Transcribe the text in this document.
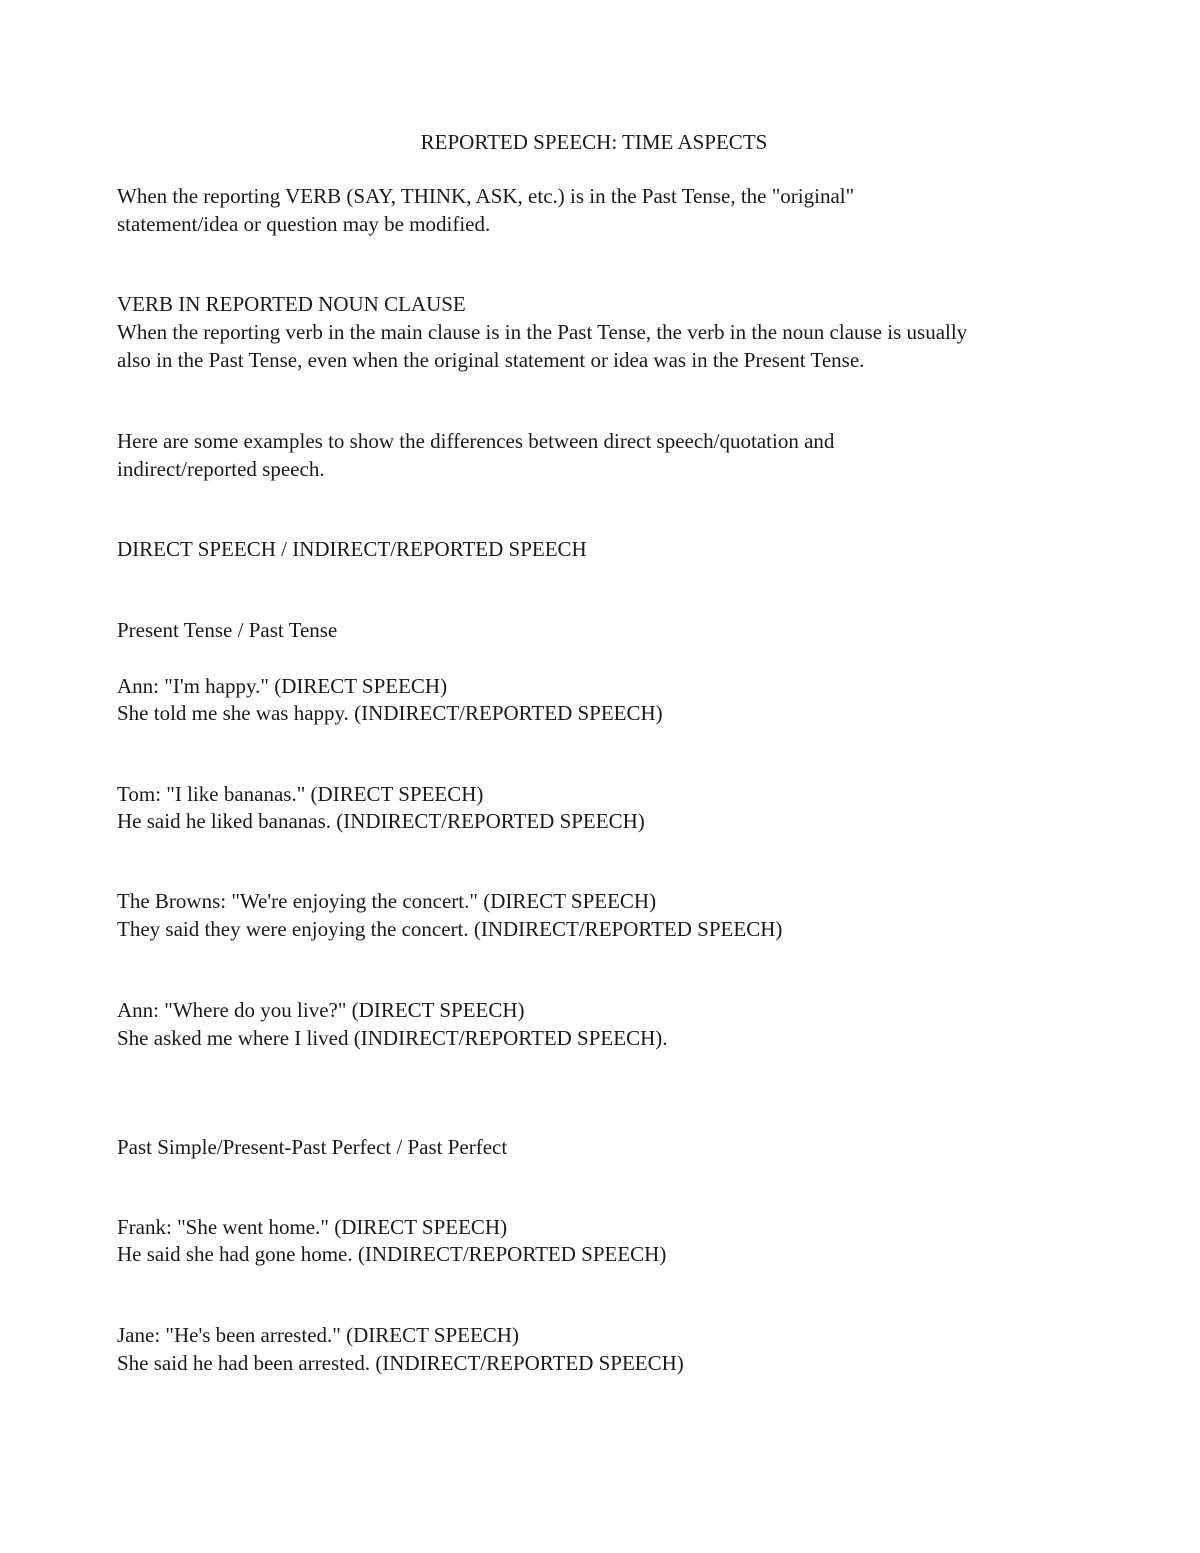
REPORTED SPEECH: TIME ASPECTS
When the reporting VERB (SAY, THINK, ASK, etc.) is in the Past Tense, the "original"
statement/idea or question may be modified.
VERB IN REPORTED NOUN CLAUSE
When the reporting verb in the main clause is in the Past Tense, the verb in the noun clause is usually
also in the Past Tense, even when the original statement or idea was in the Present Tense.
Here are some examples to show the differences between direct speech/quotation and
indirect/reported speech.
DIRECT SPEECH / INDIRECT/REPORTED SPEECH
Present Tense / Past Tense
Ann: "I'm happy." (DIRECT SPEECH)
She told me she was happy. (INDIRECT/REPORTED SPEECH)
Tom: "I like bananas." (DIRECT SPEECH)
He said he liked bananas. (INDIRECT/REPORTED SPEECH)
The Browns: "We're enjoying the concert." (DIRECT SPEECH)
They said they were enjoying the concert. (INDIRECT/REPORTED SPEECH)
Ann: "Where do you live?" (DIRECT SPEECH)
She asked me where I lived (INDIRECT/REPORTED SPEECH).
Past Simple/Present-Past Perfect / Past Perfect
Frank: "She went home." (DIRECT SPEECH)
He said she had gone home. (INDIRECT/REPORTED SPEECH)
Jane: "He's been arrested." (DIRECT SPEECH)
She said he had been arrested. (INDIRECT/REPORTED SPEECH)
